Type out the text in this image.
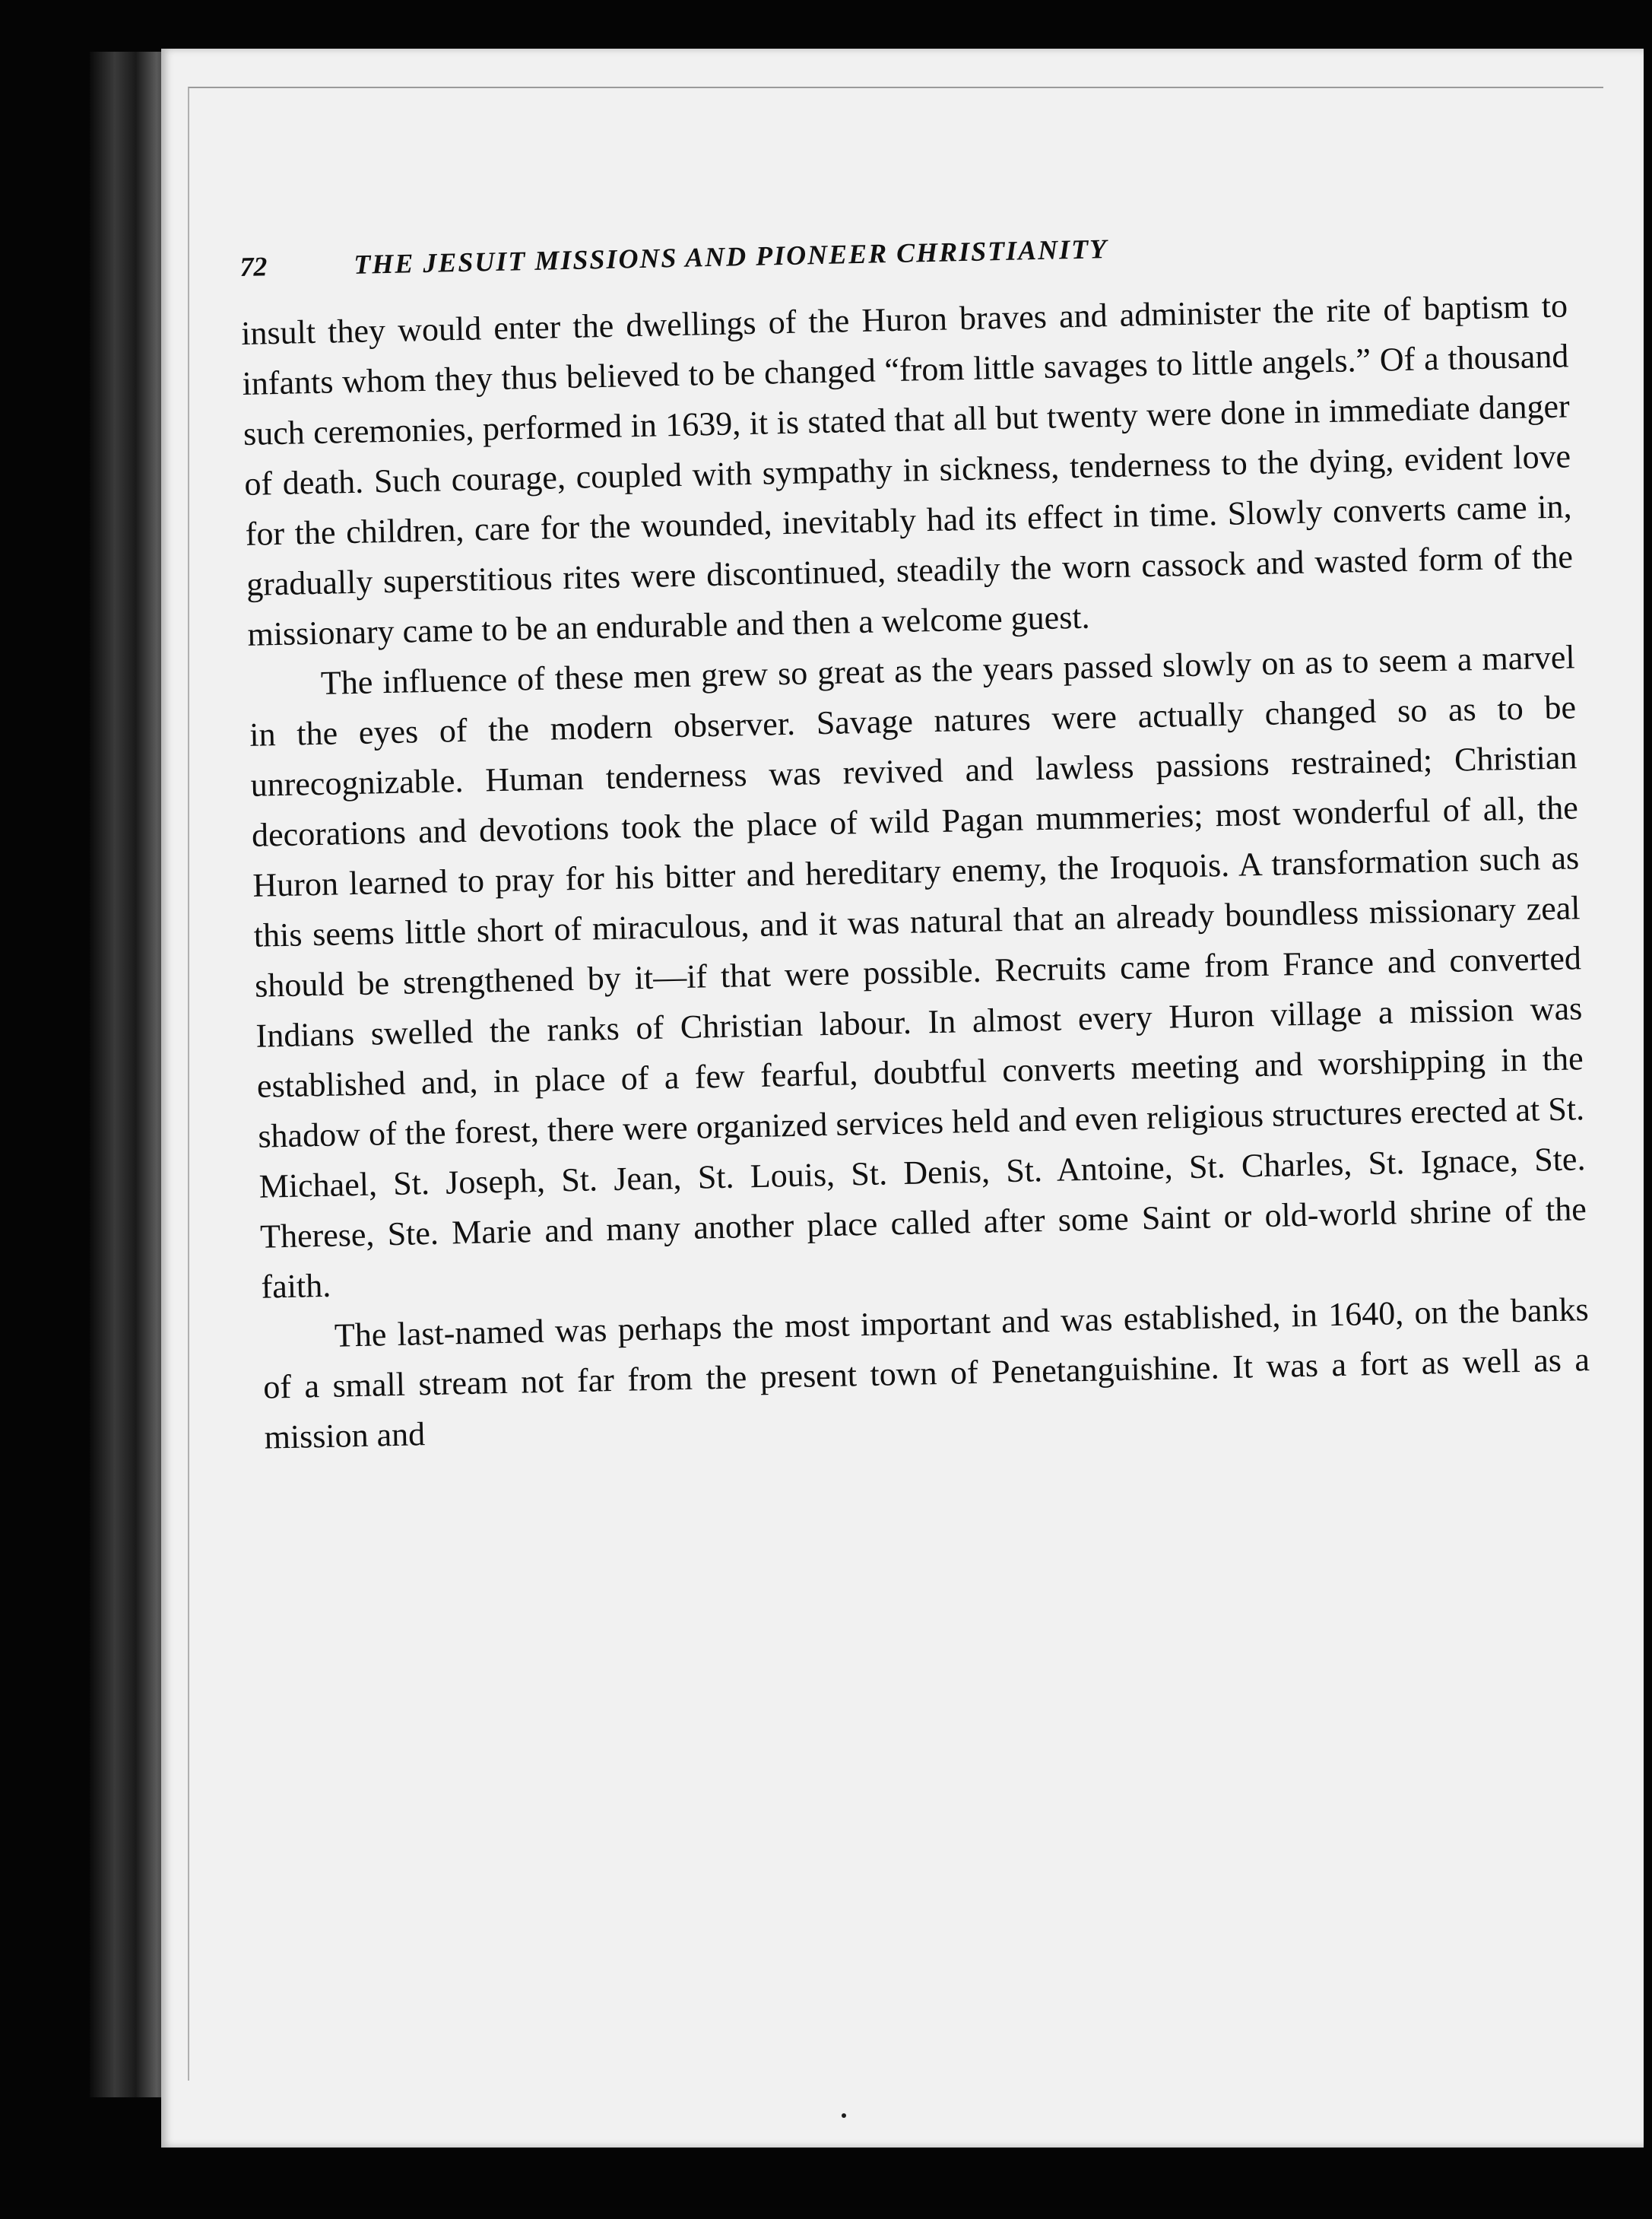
72	THE JESUIT MISSIONS AND PIONEER CHRISTIANITY

insult they would enter the dwellings of the Huron braves and administer the rite of baptism to infants whom they thus believed to be changed “from little savages to little angels.” Of a thousand such ceremonies, performed in 1639, it is stated that all but twenty were done in immediate danger of death. Such courage, coupled with sympathy in sickness, tenderness to the dying, evident love for the children, care for the wounded, inevitably had its effect in time. Slowly converts came in, gradually superstitious rites were discontinued, steadily the worn cassock and wasted form of the missionary came to be an endurable and then a welcome guest.

The influence of these men grew so great as the years passed slowly on as to seem a marvel in the eyes of the modern observer. Savage natures were actually changed so as to be unrecognizable. Human tenderness was revived and lawless passions restrained; Christian decorations and devotions took the place of wild Pagan mummeries; most wonderful of all, the Huron learned to pray for his bitter and hereditary enemy, the Iroquois. A transformation such as this seems little short of miraculous, and it was natural that an already boundless missionary zeal should be strengthened by it—if that were possible. Recruits came from France and converted Indians swelled the ranks of Christian labour. In almost every Huron village a mission was established and, in place of a few fearful, doubtful converts meeting and worshipping in the shadow of the forest, there were organized services held and even religious structures erected at St. Michael, St. Joseph, St. Jean, St. Louis, St. Denis, St. Antoine, St. Charles, St. Ignace, Ste. Therese, Ste. Marie and many another place called after some Saint or old-world shrine of the faith.

The last-named was perhaps the most important and was established, in 1640, on the banks of a small stream not far from the present town of Penetanguishine. It was a fort as well as a mission and
